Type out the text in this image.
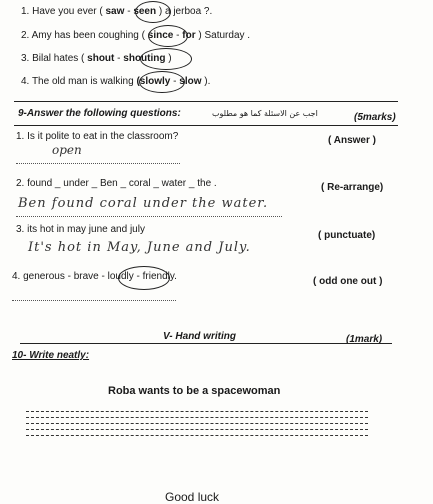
1. Have you ever ( saw - seen ) a jerboa ?.
2. Amy has been coughing ( since - for ) Saturday .
3. Bilal hates ( shout - shouting )
4. The old man is walking (slowly - slow ).
9-Answer the following questions:	اجب عن الاسئلة كما هو مطلوب	(5marks)
1. Is it polite to eat in the classroom?	( Answer )
open
2. found _ under _ Ben _ coral _ water _ the .	( Re-arrange)
Ben found coral under the water.
3. its hot in may june and july
( punctuate)
It's hot in May, June and July.
4. generous - brave - loudly - friendly.	( odd one out )
V- Hand writing	(1mark)
10- Write neatly:
Roba wants to be a spacewoman
Good luck
